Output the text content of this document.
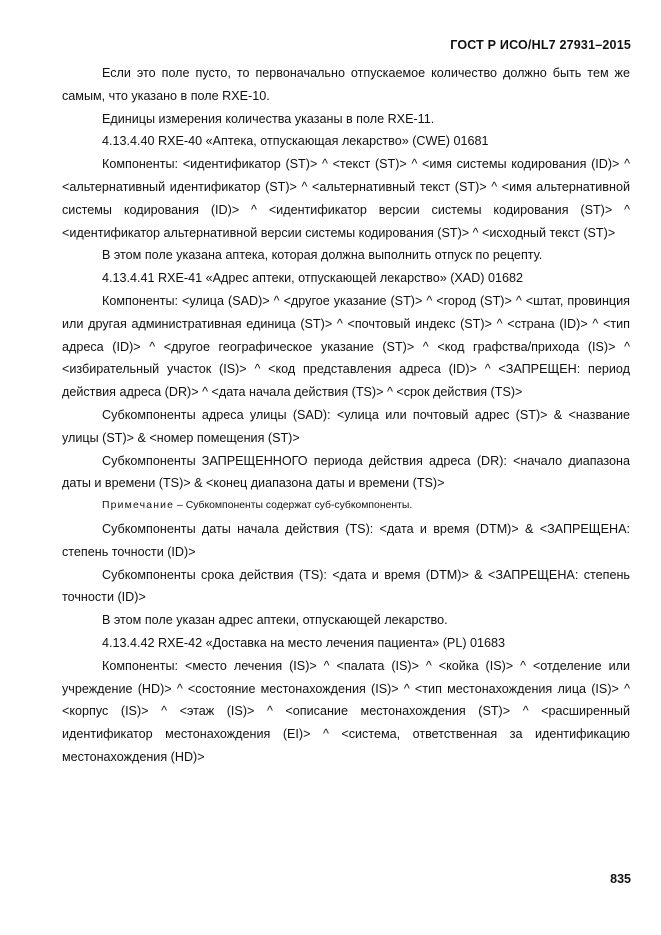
ГОСТ Р ИСО/HL7 27931–2015

Если это поле пусто, то первоначально отпускаемое количество должно быть тем же самым, что указано в поле RXE-10.

Единицы измерения количества указаны в поле RXE-11.

4.13.4.40 RXE-40 «Аптека, отпускающая лекарство» (CWE) 01681

Компоненты: <идентификатор (ST)> ^ <текст (ST)> ^ <имя системы кодирования (ID)> ^ <альтернативный идентификатор (ST)> ^ <альтернативный текст (ST)> ^ <имя альтернативной системы кодирования (ID)> ^ <идентификатор версии системы кодирования (ST)> ^ <идентификатор альтернативной версии системы кодирования (ST)> ^ <исходный текст (ST)>

В этом поле указана аптека, которая должна выполнить отпуск по рецепту.

4.13.4.41 RXE-41 «Адрес аптеки, отпускающей лекарство» (XAD) 01682

Компоненты: <улица (SAD)> ^ <другое указание (ST)> ^ <город (ST)> ^ <штат, провинция или другая административная единица (ST)> ^ <почтовый индекс (ST)> ^ <страна (ID)> ^ <тип адреса (ID)> ^ <другое географическое указание (ST)> ^ <код графства/прихода (IS)> ^ <избирательный участок (IS)> ^ <код представления адреса (ID)> ^ <ЗАПРЕЩЕН: период действия адреса (DR)> ^ <дата начала действия (TS)> ^ <срок действия (TS)>

Субкомпоненты адреса улицы (SAD): <улица или почтовый адрес (ST)> & <название улицы (ST)> & <номер помещения (ST)>

Субкомпоненты ЗАПРЕЩЕННОГО периода действия адреса (DR): <начало диапазона даты и времени (TS)> & <конец диапазона даты и времени (TS)>

Примечание – Субкомпоненты содержат суб-субкомпоненты.

Субкомпоненты даты начала действия (TS): <дата и время (DTM)> & <ЗАПРЕЩЕНА: степень точности (ID)>

Субкомпоненты срока действия (TS): <дата и время (DTM)> & <ЗАПРЕЩЕНА: степень точности (ID)>

В этом поле указан адрес аптеки, отпускающей лекарство.

4.13.4.42 RXE-42 «Доставка на место лечения пациента» (PL) 01683

Компоненты: <место лечения (IS)> ^ <палата (IS)> ^ <койка (IS)> ^ <отделение или учреждение (HD)> ^ <состояние местонахождения (IS)> ^ <тип местонахождения лица (IS)> ^ <корпус (IS)> ^ <этаж (IS)> ^ <описание местонахождения (ST)> ^ <расширенный идентификатор местонахождения (EI)> ^ <система, ответственная за идентификацию местонахождения (HD)>

835
